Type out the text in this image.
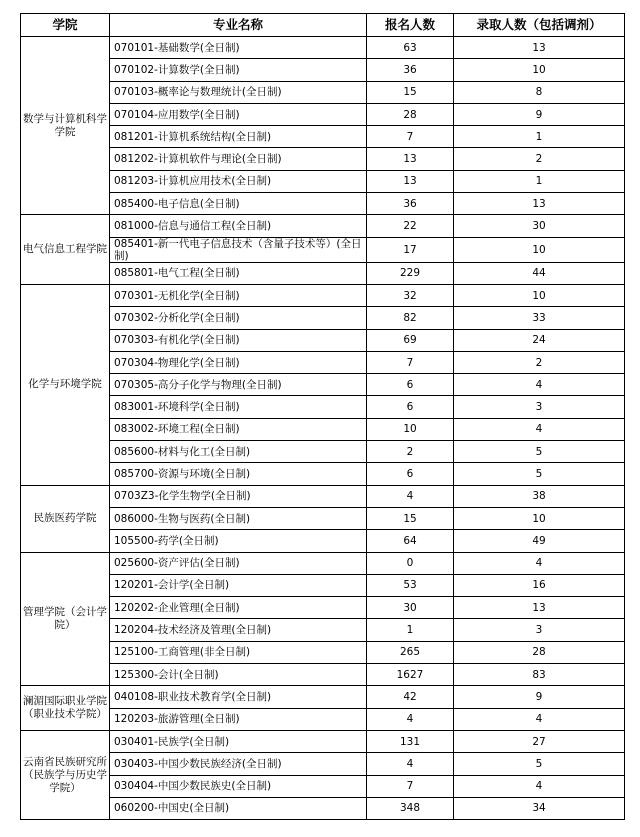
学院	专业名称	报名人数	录取人数（包括调剂）
数学与计算机科学学院	070101-基础数学(全日制)	63	13
	070102-计算数学(全日制)	36	10
	070103-概率论与数理统计(全日制)	15	8
	070104-应用数学(全日制)	28	9
	081201-计算机系统结构(全日制)	7	1
	081202-计算机软件与理论(全日制)	13	2
	081203-计算机应用技术(全日制)	13	1
	085400-电子信息(全日制)	36	13
电气信息工程学院	081000-信息与通信工程(全日制)	22	30
	085401-新一代电子信息技术（含量子技术等）(全日制)	17	10
	085801-电气工程(全日制)	229	44
化学与环境学院	070301-无机化学(全日制)	32	10
	070302-分析化学(全日制)	82	33
	070303-有机化学(全日制)	69	24
	070304-物理化学(全日制)	7	2
	070305-高分子化学与物理(全日制)	6	4
	083001-环境科学(全日制)	6	3
	083002-环境工程(全日制)	10	4
	085600-材料与化工(全日制)	2	5
	085700-资源与环境(全日制)	6	5
民族医药学院	0703Z3-化学生物学(全日制)	4	38
	086000-生物与医药(全日制)	15	10
	105500-药学(全日制)	64	49
管理学院（会计学院）	025600-资产评估(全日制)	0	4
	120201-会计学(全日制)	53	16
	120202-企业管理(全日制)	30	13
	120204-技术经济及管理(全日制)	1	3
	125100-工商管理(非全日制)	265	28
	125300-会计(全日制)	1627	83
澜湄国际职业学院（职业技术学院）	040108-职业技术教育学(全日制)	42	9
	120203-旅游管理(全日制)	4	4
云南省民族研究所（民族学与历史学学院）	030401-民族学(全日制)	131	27
	030403-中国少数民族经济(全日制)	4	5
	030404-中国少数民族史(全日制)	7	4
	060200-中国史(全日制)	348	34
